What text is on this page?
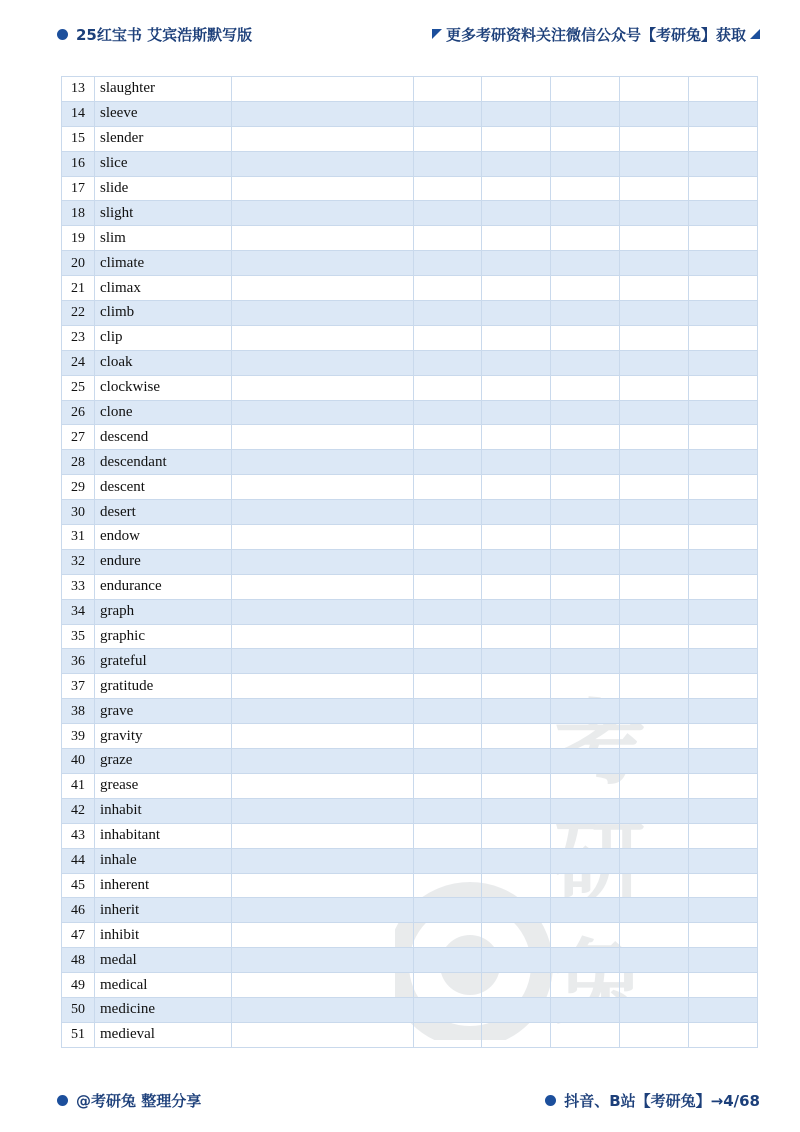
25红宝书 艾宾浩斯默写版	更多考研资料关注微信公众号【考研兔】获取
考
兔
13	slaughter						
14	sleeve						
15	slender						
16	slice						
17	slide						
18	slight						
19	slim						
20	climate						
21	climax						
22	climb						
23	clip						
24	cloak						
25	clockwise						
26	clone						
27	descend						
28	descendant						
29	descent						
30	desert						
31	endow						
32	endure						
33	endurance						
34	graph						
35	graphic						
36	grateful						
37	gratitude						
38	grave						
39	gravity						
40	graze						
41	grease						
42	inhabit						
43	inhabitant						
44	inhale						
45	inherent						
46	inherit						
47	inhibit						
48	medal						
49	medical						
50	medicine						
51	medieval						
@考研兔 整理分享	抖音、B站【考研兔】→4/68
